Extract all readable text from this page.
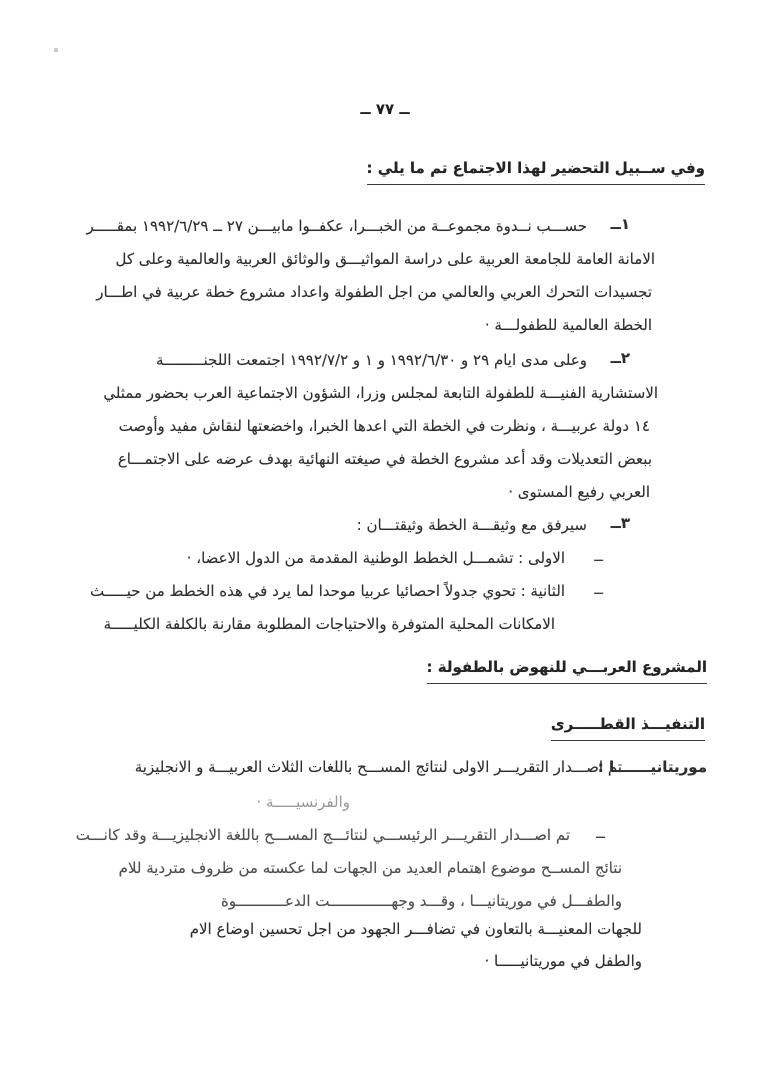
ــ ٧٧ ــ
وفي ســبيل التحضير لهذا الاجتماع تم ما يلي :
١ــ
حســـب نــدوة مجموعــة من الخبـــرا، عكفــوا مابيـــن ٢٧ ــ ١٩٩٢/٦/٢٩ بمقـــــر
الامانة العامة للجامعة العربية على دراسة المواثيـــق والوثائق العربية والعالمية وعلى كل
تجسيدات التحرك العربي والعالمي من اجل الطفولة واعداد مشروع خطة عربية في اطـــار
الخطة العالمية للطفولـــة ·
٢ــ
وعلى مدى ايام ٢٩ و ١٩٩٢/٦/٣٠ و ١ و ١٩٩٢/٧/٢ اجتمعت اللجنـــــــــة
الاستشارية الفنيـــة للطفولة التابعة لمجلس وزرا، الشؤون الاجتماعية العرب بحضور ممثلي
١٤ دولة عربيـــة ، ونظرت في الخطة التي اعدها الخبرا، واخضعتها لنقاش مفيد وأوصت
ببعض التعديلات وقد أعد مشروع الخطة في صيغته النهائية بهدف عرضه على الاجتمـــاع
العربي رفيع المستوى ·
٣ــ
سيرفق مع وثيقـــة الخطة وثيقتـــان :
ــ
الاولى : تشمـــل الخطط الوطنية المقدمة من الدول الاعضا، ·
ــ
الثانية : تحوي جدولاً احصائيا عربيا موحدا لما يرد في هذه الخطط من حيـــــث
الامكانات المحلية المتوفرة والاحتياجات المطلوبة مقارنة بالكلفة الكليـــــة
المشروع العربـــي للنهوض بالطفولة :
التنفيـــذ القطـــــرى
موريتانيـــــــا :
تم اصـــدار التقريـــر الاولى لنتائج المســـح باللغات الثلاث العربيـــة و الانجليزية
والفرنسيـــــة ·
ــ
تم اصـــدار التقريـــر الرئيســـي لنتائـــج المســـح باللغة الانجليزيـــة وقد كانـــت
نتائج المســح موضوع اهتمام العديد من الجهات لما عكسته من ظروف متردية للام
والطفـــل في موريتانيـــا ، وقـــد وجهــــــــــــــت الدعـــــــــــوة
للجهات المعنيـــة بالتعاون في تضافـــر الجهود من اجل تحسين اوضاع الام
والطفل في موريتانيـــــا ·
